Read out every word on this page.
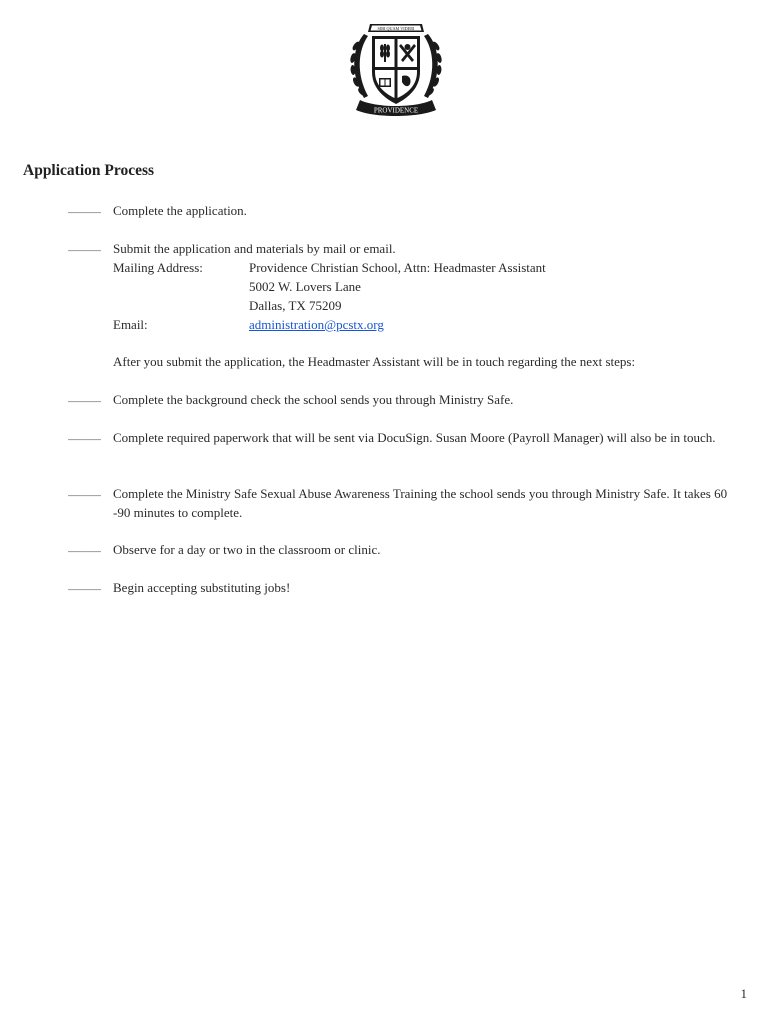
SIBI QUAM VIDERI
PROVIDENCE
Application Process
_____ Complete the application.
_____ Submit the application and materials by mail or email.
Mailing Address:	Providence Christian School, Attn: Headmaster Assistant
5002 W. Lovers Lane
Dallas, TX 75209
Email:	administration@pcstx.org
After you submit the application, the Headmaster Assistant will be in touch regarding the next steps:
_____ Complete the background check the school sends you through Ministry Safe.
_____ Complete required paperwork that will be sent via DocuSign. Susan Moore (Payroll Manager) will also be in touch.
_____ Complete the Ministry Safe Sexual Abuse Awareness Training the school sends you through Ministry Safe. It takes 60 -90 minutes to complete.
_____ Observe for a day or two in the classroom or clinic.
_____ Begin accepting substituting jobs!
1
